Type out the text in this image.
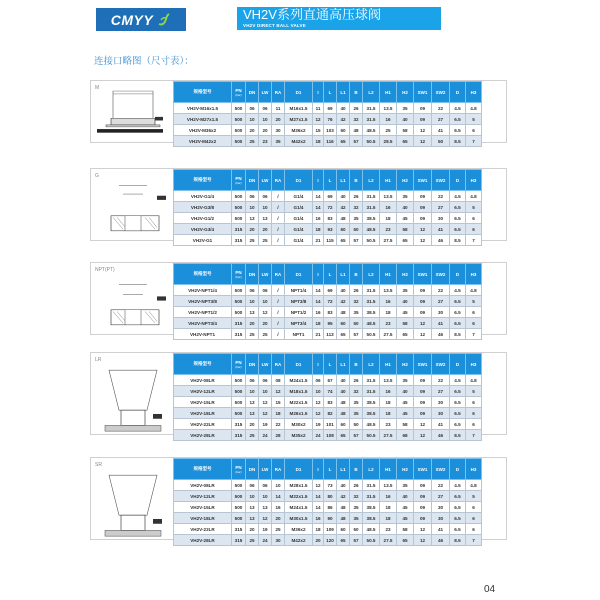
CMYY	VH2V系列直通高压球阀
VH2V DIRECT BALL VALVE
连接口略图（尺寸表）：
M
规格型号	PN
(bar)	DN	LW	RA	D1	I	L	L1	B	L2	H1	H2	SW1	SW2	D	H3
VH2V-M16x1.5	500	06	06	11	M16x1.5	11	69	40	26	31.5	13.5	35	09	22	4.5	4.8
VH2V-M27x1.5	500	10	10	20	M27x1.5	12	76	42	32	31.5	16	40	09	27	6.5	5
VH2V-M36x2	500	20	20	30	M36x2	15	103	60	48	48.5	25	58	12	41	6.5	6
VH2V-M42x2	500	25	23	35	M42x2	18	116	65	57	50.5	28.5	65	12	50	8.5	7
G
规格型号	PN
(bar)	DN	LW	RA	D1	I	L	L1	B	L2	H1	H2	SW1	SW2	D	H3
VH2V-G1/4	500	06	06	/	G1/4	14	69	40	26	31.5	13.5	35	09	22	4.5	4.8
VH2V-G3/8	500	10	10	/	G1/4	14	72	42	32	31.5	16	40	09	27	6.5	5
VH2V-G1/2	500	13	13	/	G1/4	16	83	48	35	38.5	18	45	09	30	6.5	6
VH2V-G3/4	315	20	20	/	G1/4	18	93	60	50	48.5	23	58	12	41	6.5	6
VH2V-G1	315	25	25	/	G1/4	21	115	65	57	50.5	27.5	65	12	46	8.5	7
NPT(PT)
规格型号	PN
(bar)	DN	LW	RA	D1	I	L	L1	B	L2	H1	H2	SW1	SW2	D	H3
VH2V-NPT1/4	500	06	06	/	NPT1/4	14	69	40	26	31.5	13.5	35	09	22	4.5	4.8
VH2V-NPT3/8	500	10	10	/	NPT3/8	14	72	42	32	31.5	16	40	09	27	6.5	5
VH2V-NPT1/2	500	13	12	/	NPT1/2	16	83	48	35	38.5	18	45	09	30	6.5	6
VH2V-NPT3/4	315	20	20	/	NPT3/4	18	95	60	50	48.5	23	58	12	41	6.5	6
VH2V-NPT1	315	25	25	/	NPT1	21	113	65	57	50.5	27.5	65	12	46	8.5	7
LR
规格型号	PN
(bar)	DN	LW	RA	D1	I	L	L1	B	L2	H1	H2	SW1	SW2	D	H3
VH2V-08LR	500	06	06	08	M24x1.5	06	67	40	26	31.5	13.5	35	09	22	4.5	4.8
VH2V-12LR	500	10	10	12	M18x1.5	10	74	40	32	31.5	16	40	09	27	6.5	5
VH2V-15LR	500	13	12	15	M22x1.5	12	83	48	35	38.5	18	45	09	30	6.5	6
VH2V-18LR	500	13	12	18	M26x1.5	12	82	48	35	38.5	18	45	09	30	6.5	6
VH2V-22LR	315	20	19	22	M30x2	19	101	60	50	48.5	23	58	12	41	6.5	6
VH2V-28LR	315	25	24	28	M35x2	24	108	65	57	50.5	27.5	68	12	46	8.5	7
SR
规格型号	PN
(bar)	DN	LW	RA	D1	I	L	L1	B	L2	H1	H2	SW1	SW2	D	H3
VH2V-08LR	500	06	06	10	M28x1.5	12	73	40	26	31.5	13.5	35	09	22	4.5	4.8
VH2V-12LR	500	10	10	14	M22x1.5	14	80	42	32	31.5	16	40	09	27	6.5	5
VH2V-15LR	500	13	13	16	M24x1.5	14	86	48	35	38.5	18	45	09	30	6.5	6
VH2V-18LR	500	13	12	20	M30x1.5	16	90	48	35	38.5	18	45	09	30	6.5	6
VH2V-22LR	315	20	19	25	M36x2	18	109	60	50	48.5	23	58	12	41	6.5	6
VH2V-28LR	315	25	24	30	M42x2	20	120	65	57	50.5	27.5	65	12	46	8.5	7
04
